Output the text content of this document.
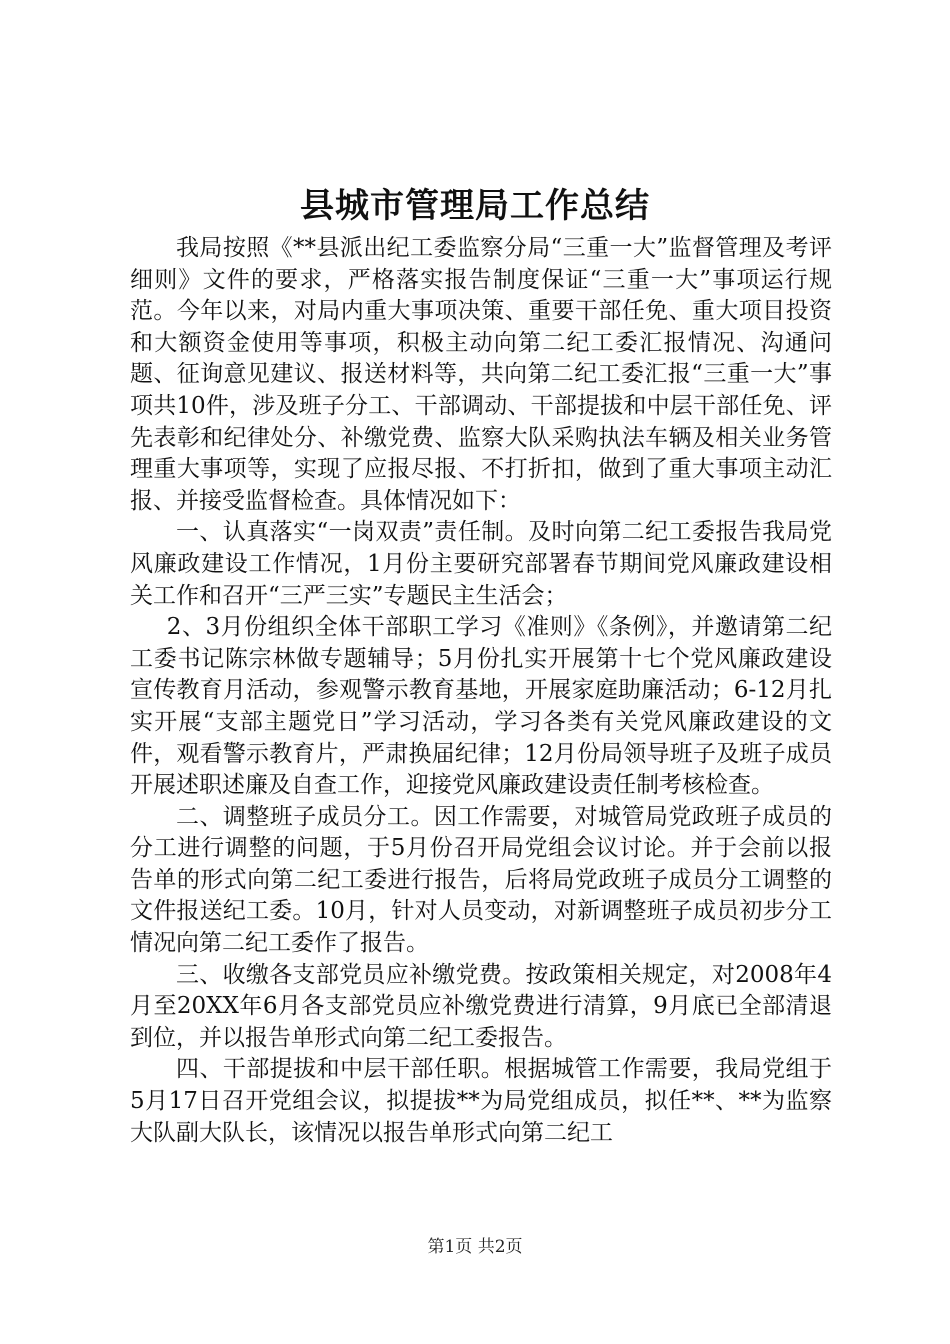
县城市管理局工作总结

我局按照《**县派出纪工委监察分局“三重一大”监督管理及考评细则》文件的要求，严格落实报告制度保证“三重一大”事项运行规范。今年以来，对局内重大事项决策、重要干部任免、重大项目投资和大额资金使用等事项，积极主动向第二纪工委汇报情况、沟通问题、征询意见建议、报送材料等，共向第二纪工委汇报“三重一大”事项共10件，涉及班子分工、干部调动、干部提拔和中层干部任免、评先表彰和纪律处分、补缴党费、监察大队采购执法车辆及相关业务管理重大事项等，实现了应报尽报、不打折扣，做到了重大事项主动汇报、并接受监督检查。具体情况如下：

一、认真落实“一岗双责”责任制。及时向第二纪工委报告我局党风廉政建设工作情况，1月份主要研究部署春节期间党风廉政建设相关工作和召开“三严三实”专题民主生活会；

2、3月份组织全体干部职工学习《准则》《条例》，并邀请第二纪工委书记陈宗林做专题辅导；5月份扎实开展第十七个党风廉政建设宣传教育月活动，参观警示教育基地，开展家庭助廉活动；6-12月扎实开展“支部主题党日”学习活动，学习各类有关党风廉政建设的文件，观看警示教育片，严肃换届纪律；12月份局领导班子及班子成员开展述职述廉及自查工作，迎接党风廉政建设责任制考核检查。

二、调整班子成员分工。因工作需要，对城管局党政班子成员的分工进行调整的问题，于5月份召开局党组会议讨论。并于会前以报告单的形式向第二纪工委进行报告，后将局党政班子成员分工调整的文件报送纪工委。10月，针对人员变动，对新调整班子成员初步分工情况向第二纪工委作了报告。

三、收缴各支部党员应补缴党费。按政策相关规定，对2008年4月至20XX年6月各支部党员应补缴党费进行清算，9月底已全部清退到位，并以报告单形式向第二纪工委报告。

四、干部提拔和中层干部任职。根据城管工作需要，我局党组于5月17日召开党组会议，拟提拔**为局党组成员，拟任**、**为监察大队副大队长，该情况以报告单形式向第二纪工

第1页 共2页
